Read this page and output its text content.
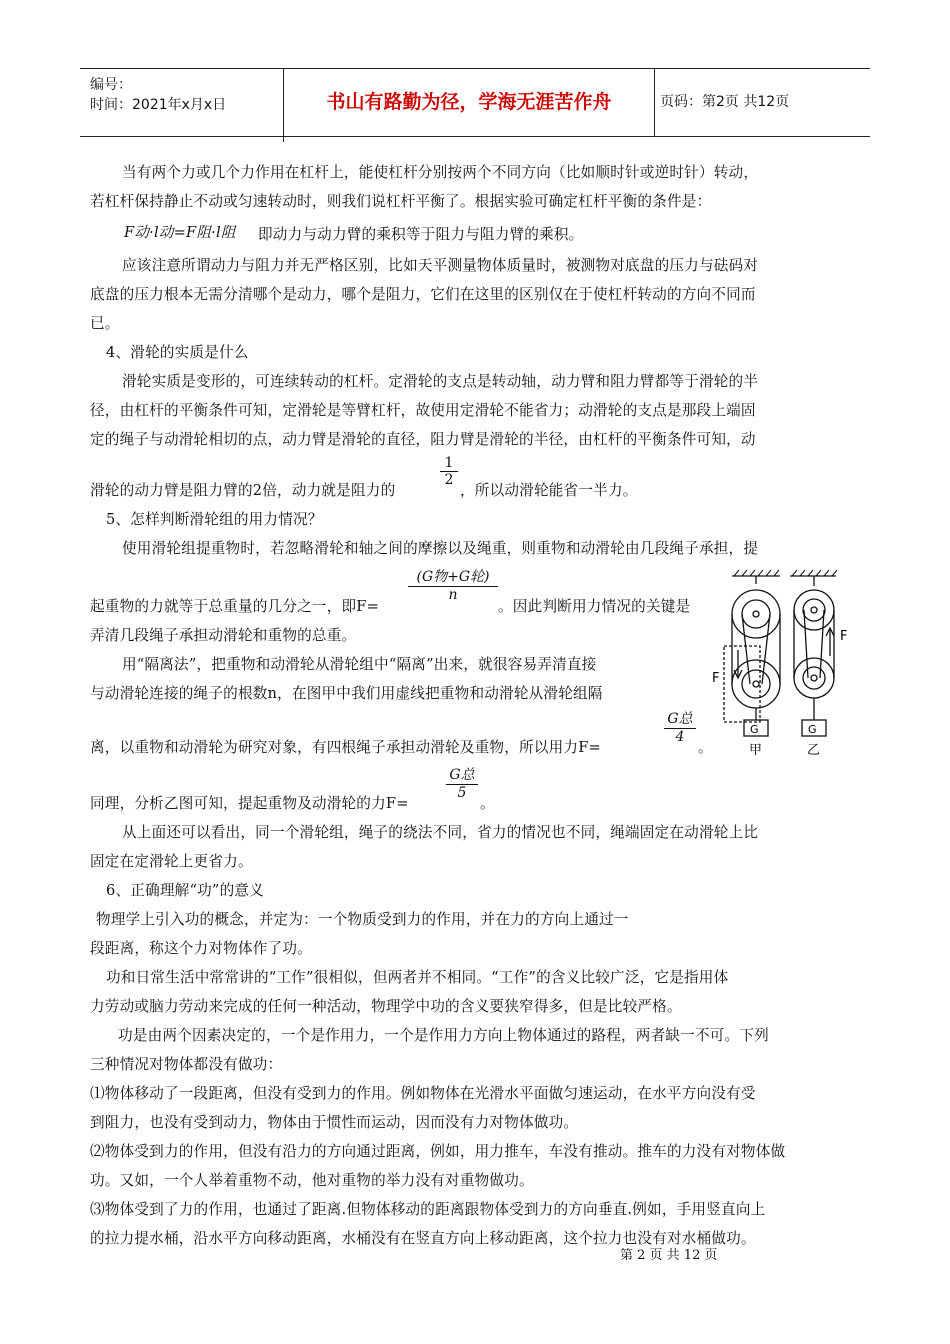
编号：
时间：2021年x月x日	书山有路勤为径，学海无涯苦作舟	页码：第2页 共12页
当有两个力或几个力作用在杠杆上，能使杠杆分别按两个不同方向（比如顺时针或逆时针）转动，
若杠杆保持静止不动或匀速转动时，则我们说杠杆平衡了。根据实验可确定杠杆平衡的条件是：
F动·l动=F阻·l阻 即动力与动力臂的乘积等于阻力与阻力臂的乘积。
应该注意所谓动力与阻力并无严格区别，比如天平测量物体质量时，被测物对底盘的压力与砝码对
底盘的压力根本无需分清哪个是动力，哪个是阻力，它们在这里的区别仅在于使杠杆转动的方向不同而
已。
4、滑轮的实质是什么
滑轮实质是变形的，可连续转动的杠杆。定滑轮的支点是转动轴，动力臂和阻力臂都等于滑轮的半
径，由杠杆的平衡条件可知，定滑轮是等臂杠杆，故使用定滑轮不能省力；动滑轮的支点是那段上端固
定的绳子与动滑轮相切的点，动力臂是滑轮的直径，阻力臂是滑轮的半径，由杠杆的平衡条件可知，动
滑轮的动力臂是阻力臂的2倍，动力就是阻力的
$\frac{1}{2}$
，所以动滑轮能省一半力。
5、怎样判断滑轮组的用力情况？
使用滑轮组提重物时，若忽略滑轮和轴之间的摩擦以及绳重，则重物和动滑轮由几段绳子承担，提
起重物的力就等于总重量的几分之一，即F=
(G物+G轮)
n
。因此判断用力情况的关键是
弄清几段绳子承担动滑轮和重物的总重。
用“隔离法”，把重物和动滑轮从滑轮组中“隔离”出来，就很容易弄清直接
与动滑轮连接的绳子的根数n，在图甲中我们用虚线把重物和动滑轮从滑轮组隔
离，以重物和动滑轮为研究对象，有四根绳子承担动滑轮及重物，所以用力F=
G总
4
。
同理，分析乙图可知，提起重物及动滑轮的力F=
G总
5
。
从上面还可以看出，同一个滑轮组，绳子的绕法不同，省力的情况也不同，绳端固定在动滑轮上比
固定在定滑轮上更省力。
6、正确理解“功”的意义
物理学上引入功的概念，并定为：一个物质受到力的作用，并在力的方向上通过一
段距离，称这个力对物体作了功。
功和日常生活中常常讲的“工作”很相似，但两者并不相同。“工作”的含义比较广泛，它是指用体
力劳动或脑力劳动来完成的任何一种活动，物理学中功的含义要狭窄得多，但是比较严格。
功是由两个因素决定的，一个是作用力，一个是作用力方向上物体通过的路程，两者缺一不可。下列
三种情况对物体都没有做功：
⑴物体移动了一段距离，但没有受到力的作用。例如物体在光滑水平面做匀速运动，在水平方向没有受
到阻力，也没有受到动力，物体由于惯性而运动，因而没有力对物体做功。
⑵物体受到力的作用，但没有沿力的方向通过距离，例如，用力推车，车没有推动。推车的力没有对物体做
功。又如，一个人举着重物不动，他对重物的举力没有对重物做功。
⑶物体受到了力的作用，也通过了距离.但物体移动的距离跟物体受到力的方向垂直.例如，手用竖直向上
的拉力提水桶，沿水平方向移动距离，水桶没有在竖直方向上移动距离，这个拉力也没有对水桶做功。
F
F
G	G
甲	乙
第 2 页 共 12 页
